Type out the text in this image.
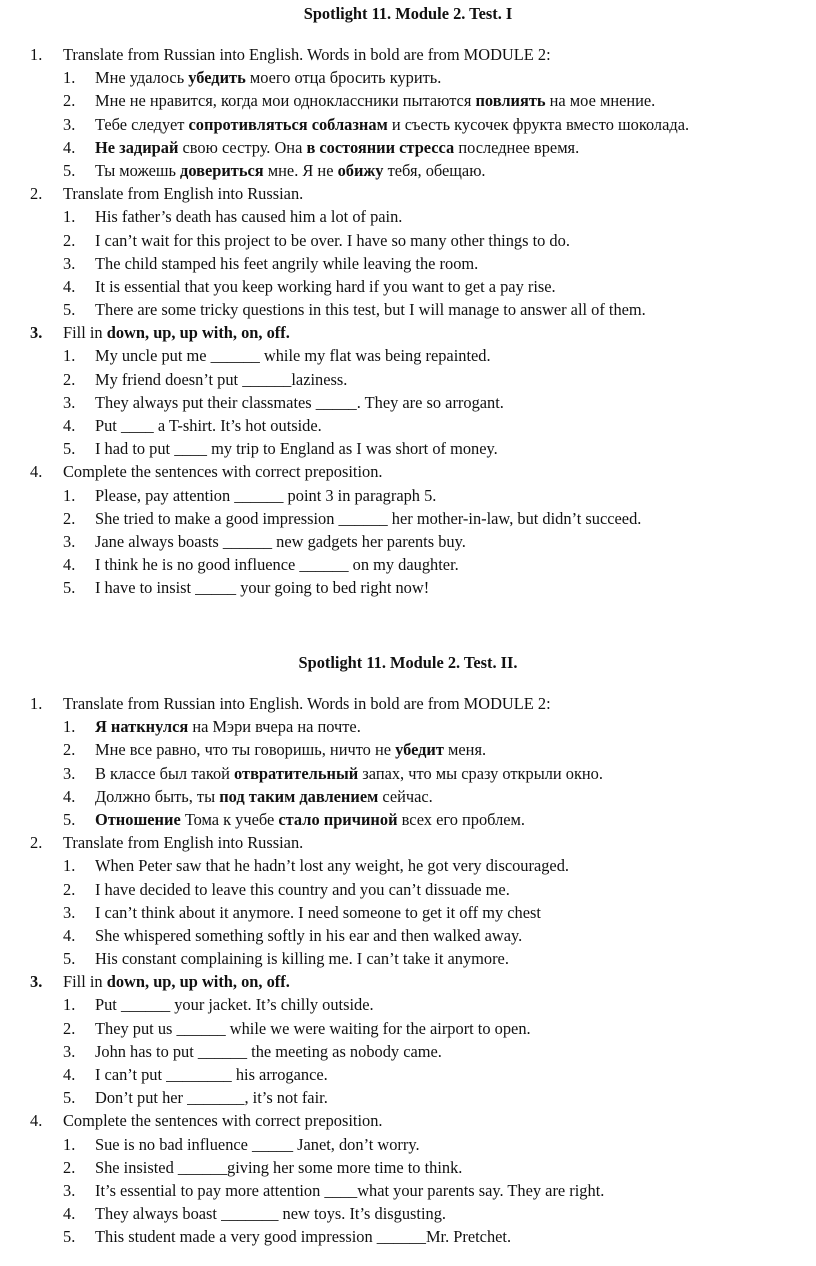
Spotlight 11. Module 2. Test. I
1. Translate from Russian into English. Words in bold are from MODULE 2:
1. Мне удалось убедить моего отца бросить курить.
2. Мне не нравится, когда мои одноклассники пытаются повлиять на мое мнение.
3. Тебе следует сопротивляться соблазнам и съесть кусочек фрукта вместо шоколада.
4. Не задирай свою сестру. Она в состоянии стресса последнее время.
5. Ты можешь довериться мне. Я не обижу тебя, обещаю.
2. Translate from English into Russian.
1. His father’s death has caused him a lot of pain.
2. I can’t wait for this project to be over. I have so many other things to do.
3. The child stamped his feet angrily while leaving the room.
4. It is essential that you keep working hard if you want to get a pay rise.
5. There are some tricky questions in this test, but I will manage to answer all of them.
3. Fill in down, up, up with, on, off.
1. My uncle put me ______ while my flat was being repainted.
2. My friend doesn’t put ______laziness.
3. They always put their classmates _____. They are so arrogant.
4. Put ____ a T-shirt. It’s hot outside.
5. I had to put ____ my trip to England as I was short of money.
4. Complete the sentences with correct preposition.
1. Please, pay attention ______ point 3 in paragraph 5.
2. She tried to make a good impression ______ her mother-in-law, but didn’t succeed.
3. Jane always boasts ______ new gadgets her parents buy.
4. I think he is no good influence ______ on my daughter.
5. I have to insist _____ your going to bed right now!
Spotlight 11. Module 2. Test. II.
1. Translate from Russian into English. Words in bold are from MODULE 2:
1. Я наткнулся на Мэри вчера на почте.
2. Мне все равно, что ты говоришь, ничто не убедит меня.
3. В классе был такой отвратительный запах, что мы сразу открыли окно.
4. Должно быть, ты под таким давлением сейчас.
5. Отношение Тома к учебе стало причиной всех его проблем.
2. Translate from English into Russian.
1. When Peter saw that he hadn’t lost any weight, he got very discouraged.
2. I have decided to leave this country and you can’t dissuade me.
3. I can’t think about it anymore. I need someone to get it off my chest
4. She whispered something softly in his ear and then walked away.
5. His constant complaining is killing me. I can’t take it anymore.
3. Fill in down, up, up with, on, off.
1. Put ______ your jacket. It’s chilly outside.
2. They put us ______ while we were waiting for the airport to open.
3. John has to put ______ the meeting as nobody came.
4. I can’t put ________ his arrogance.
5. Don’t put her _______, it’s not fair.
4. Complete the sentences with correct preposition.
1. Sue is no bad influence _____ Janet, don’t worry.
2. She insisted ______giving her some more time to think.
3. It’s essential to pay more attention ____what your parents say. They are right.
4. They always boast _______ new toys. It’s disgusting.
5. This student made a very good impression ______Mr. Pretchet.
